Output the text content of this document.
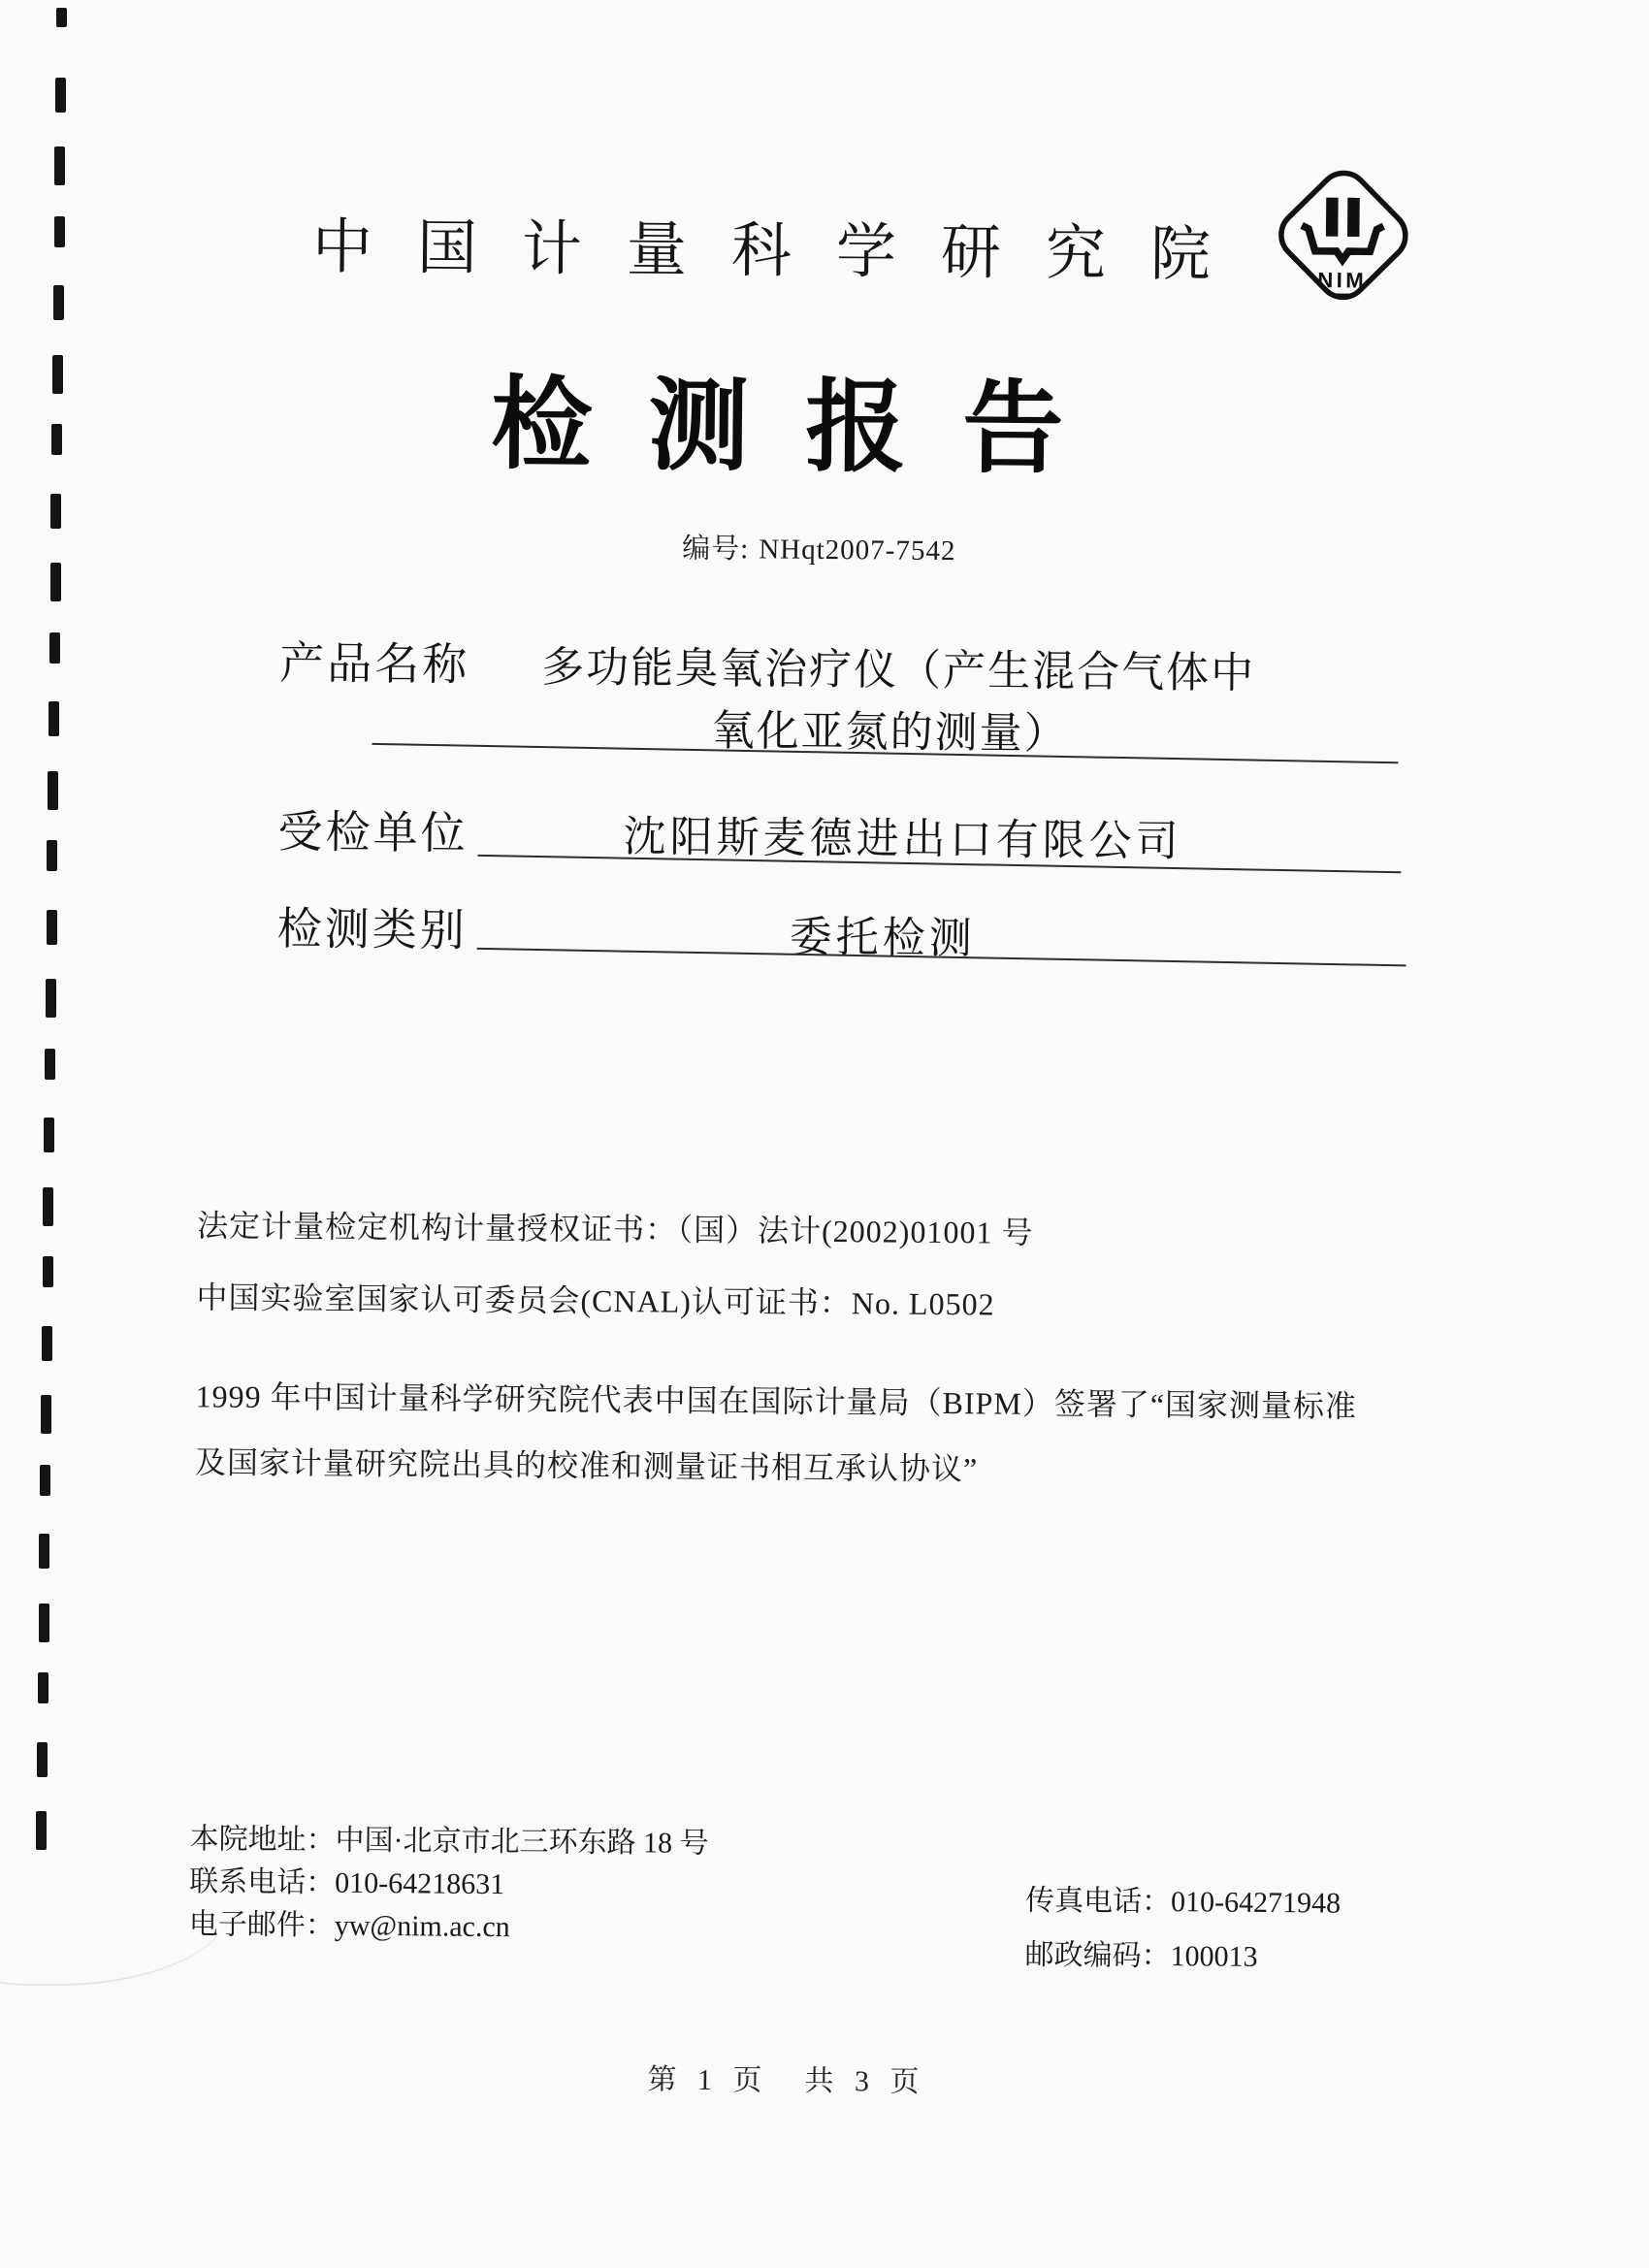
中国计量科学研究院 NIM
检测报告
编号: NHqt2007-7542
产品名称 多功能臭氧治疗仪（产生混合气体中
氧化亚氮的测量）
受检单位	沈阳斯麦德进出口有限公司
检测类别	委托检测
法定计量检定机构计量授权证书：（国）法计(2002)01001 号
中国实验室国家认可委员会(CNAL)认可证书：No. L0502
1999 年中国计量科学研究院代表中国在国际计量局（BIPM）签署了“国家测量标准
及国家计量研究院出具的校准和测量证书相互承认协议”
本院地址：中国·北京市北三环东路 18 号
联系电话：010-64218631
电子邮件：yw@nim.ac.cn
传真电话：010-64271948
邮政编码：100013
第 1 页　共 3 页
